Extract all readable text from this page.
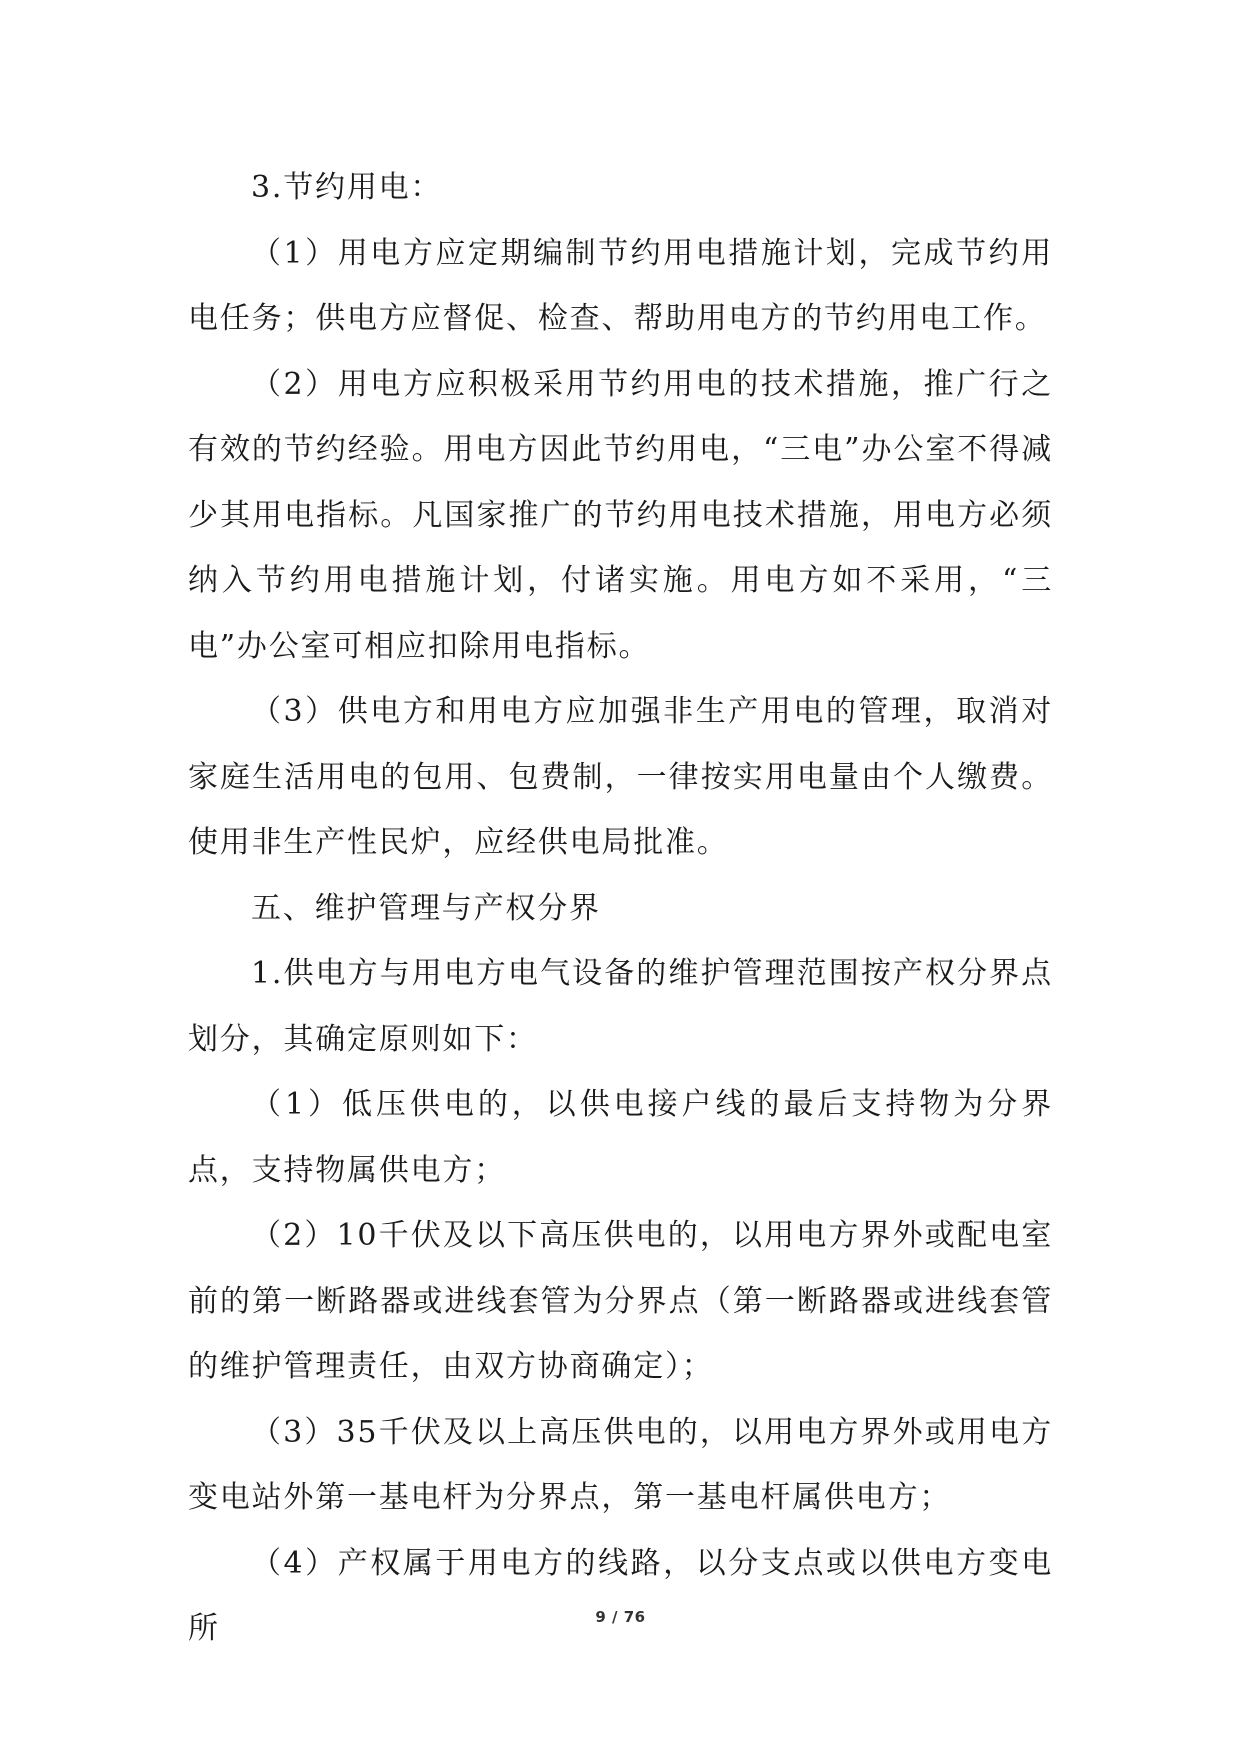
3.节约用电：

（1）用电方应定期编制节约用电措施计划，完成节约用电任务；供电方应督促、检查、帮助用电方的节约用电工作。

（2）用电方应积极采用节约用电的技术措施，推广行之有效的节约经验。用电方因此节约用电，“三电”办公室不得减少其用电指标。凡国家推广的节约用电技术措施，用电方必须纳入节约用电措施计划，付诸实施。用电方如不采用，“三电”办公室可相应扣除用电指标。

（3）供电方和用电方应加强非生产用电的管理，取消对家庭生活用电的包用、包费制，一律按实用电量由个人缴费。使用非生产性民炉，应经供电局批准。

五、维护管理与产权分界

1.供电方与用电方电气设备的维护管理范围按产权分界点划分，其确定原则如下：

（1）低压供电的，以供电接户线的最后支持物为分界点，支持物属供电方；

（2）10千伏及以下高压供电的，以用电方界外或配电室前的第一断路器或进线套管为分界点（第一断路器或进线套管的维护管理责任，由双方协商确定）；

（3）35千伏及以上高压供电的，以用电方界外或用电方变电站外第一基电杆为分界点，第一基电杆属供电方；

（4）产权属于用电方的线路，以分支点或以供电方变电所	9 / 76
